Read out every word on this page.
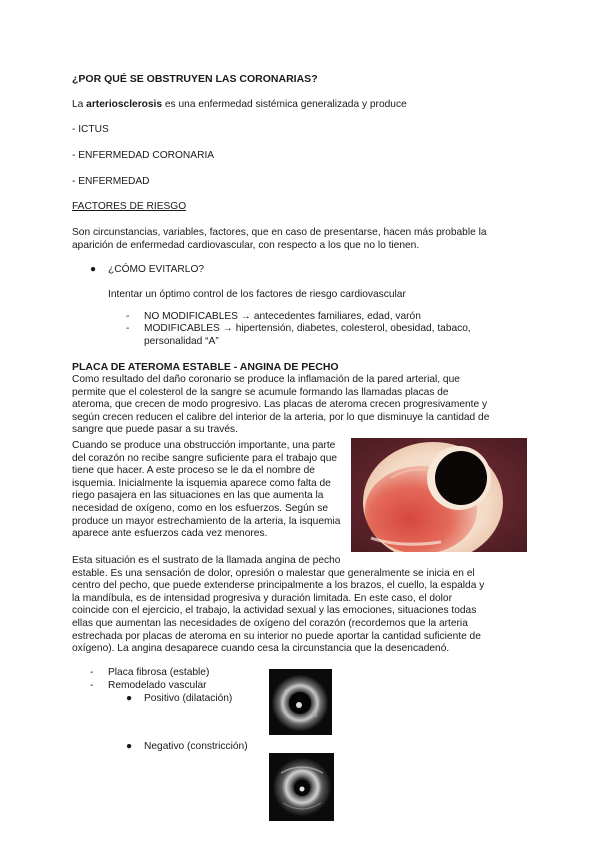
¿POR QUÉ SE OBSTRUYEN LAS CORONARIAS?
La arteriosclerosis es una enfermedad sistémica generalizada y produce
- ICTUS
- ENFERMEDAD CORONARIA
- ENFERMEDAD
FACTORES DE RIESGO
Son circunstancias, variables, factores, que en caso de presentarse, hacen más probable la
aparición de enfermedad cardiovascular, con respecto a los que no lo tienen.
●	¿CÓMO EVITARLO?
Intentar un óptimo control de los factores de riesgo cardiovascular
-	NO MODIFICABLES → antecedentes familiares, edad, varón
-	MODIFICABLES → hipertensión, diabetes, colesterol, obesidad, tabaco,
personalidad “A”
PLACA DE ATEROMA ESTABLE - ANGINA DE PECHO
Como resultado del daño coronario se produce la inflamación de la pared arterial, que
permite que el colesterol de la sangre se acumule formando las llamadas placas de
ateroma, que crecen de modo progresivo. Las placas de ateroma crecen progresivamente y
según crecen reducen el calibre del interior de la arteria, por lo que disminuye la cantidad de
sangre que puede pasar a su través.
Cuando se produce una obstrucción importante, una parte
del corazón no recibe sangre suficiente para el trabajo que
tiene que hacer. A este proceso se le da el nombre de
isquemia. Inicialmente la isquemia aparece como falta de
riego pasajera en las situaciones en las que aumenta la
necesidad de oxígeno, como en los esfuerzos. Según se
produce un mayor estrechamiento de la arteria, la isquemia
aparece ante esfuerzos cada vez menores.
Esta situación es el sustrato de la llamada angina de pecho
estable. Es una sensación de dolor, opresión o malestar que generalmente se inicia en el
centro del pecho, que puede extenderse principalmente a los brazos, el cuello, la espalda y
la mandíbula, es de intensidad progresiva y duración limitada. En este caso, el dolor
coincide con el ejercicio, el trabajo, la actividad sexual y las emociones, situaciones todas
ellas que aumentan las necesidades de oxígeno del corazón (recordemos que la arteria
estrechada por placas de ateroma en su interior no puede aportar la cantidad suficiente de
oxígeno). La angina desaparece cuando cesa la circunstancia que la desencadenó.
-	Placa fibrosa (estable)
-	Remodelado vascular
●	Positivo (dilatación)
●	Negativo (constricción)
